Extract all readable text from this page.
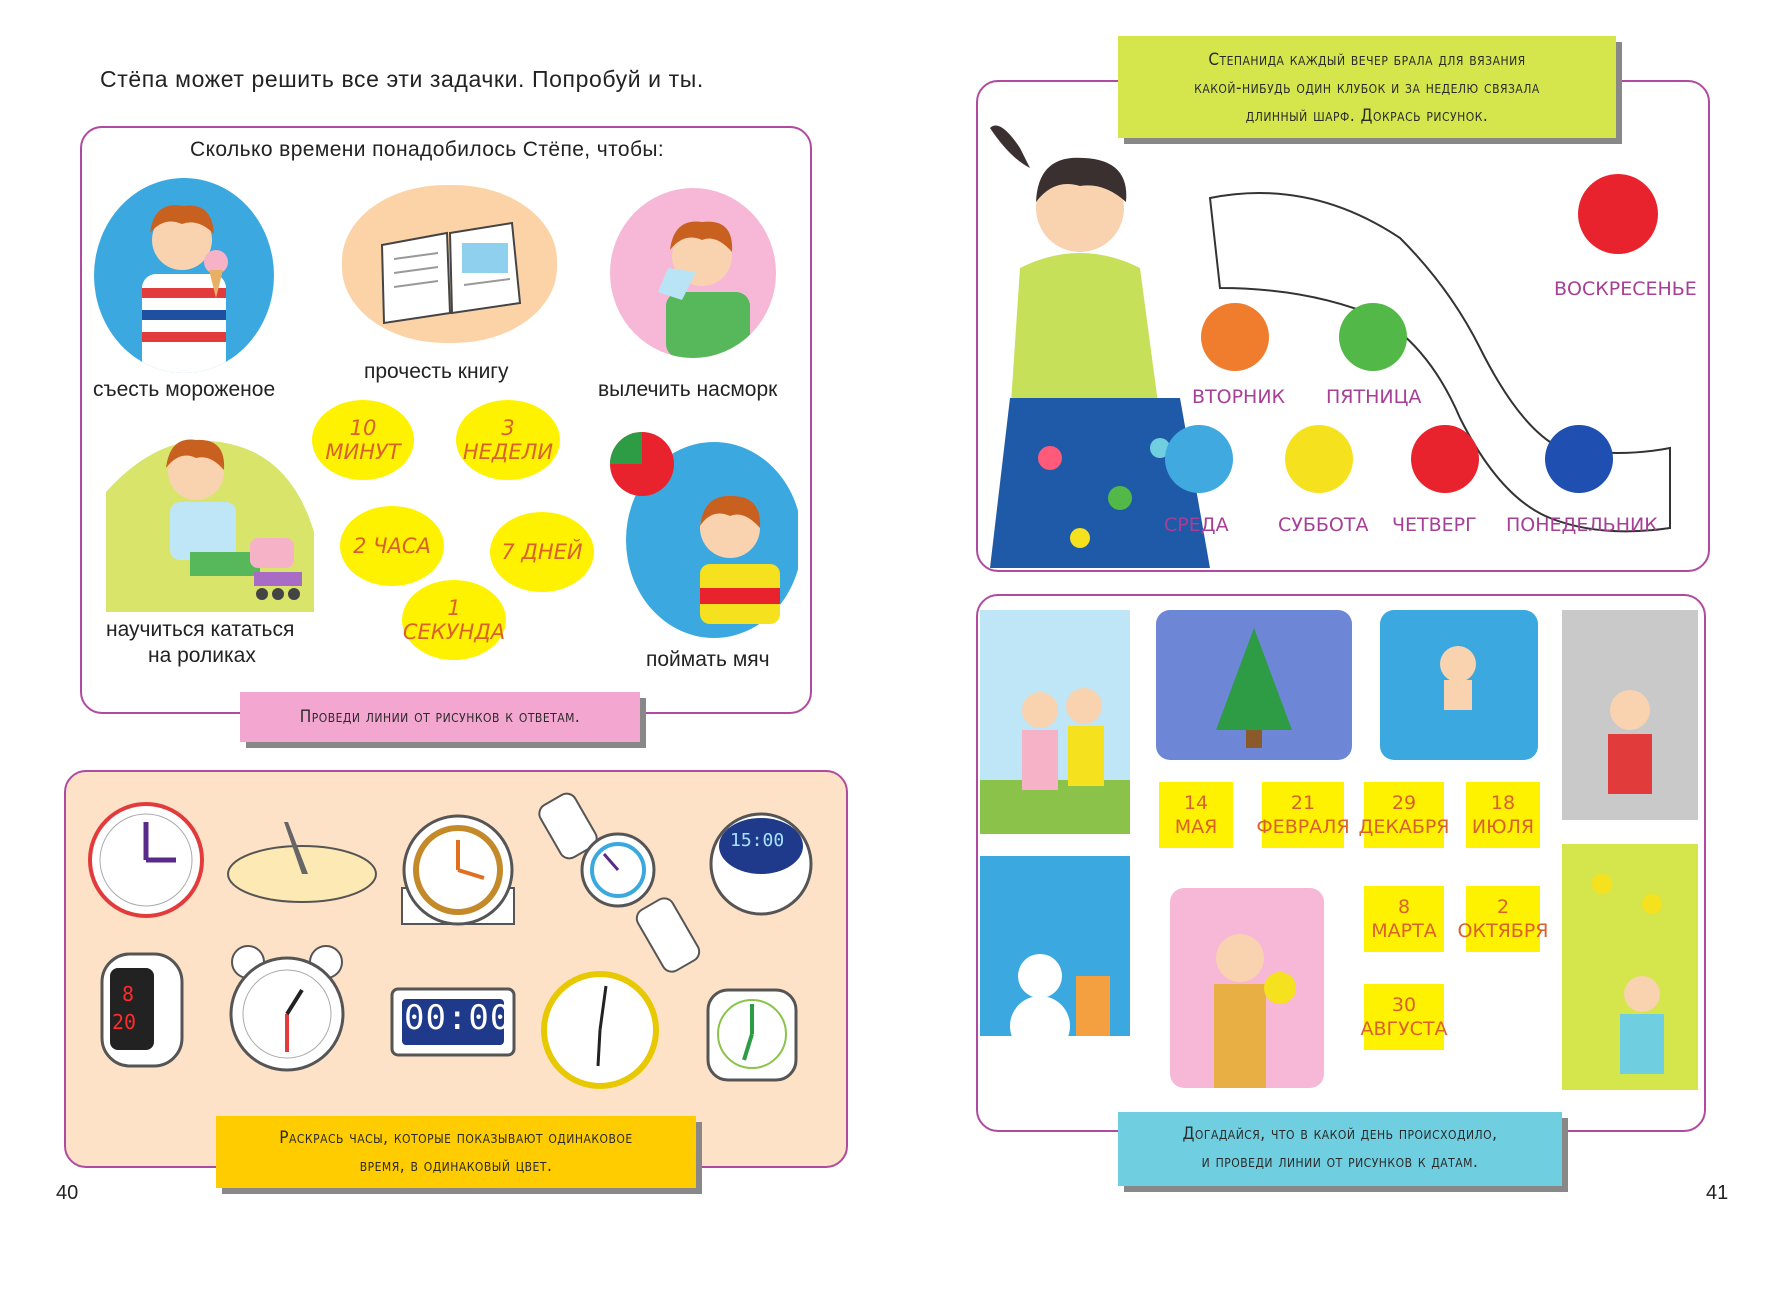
Стёпа может решить все эти задачки. Попробуй и ты.
Сколько времени понадобилось Стёпе, чтобы:
съесть мороженое
прочесть книгу
вылечить насморк
научиться кататься
на роликах	поймать мяч
10
МИНУТ
3
НЕДЕЛИ
2 ЧАСА	7 ДНЕЙ
1
СЕКУНДА
Проведи линии от рисунков к ответам.
15:00
8
20	00:00
Раскрась часы, которые показывают одинаковое
время, в одинаковый цвет.
40
Степанида каждый вечер брала для вязания
какой-нибудь один клубок и за неделю связала
длинный шарф. Докрась рисунок.
ВОСКРЕСЕНЬЕ
ВТОРНИК ПЯТНИЦА
СРЕДА	СУББОТА ЧЕТВЕРГ ПОНЕДЕЛЬНИК
14
МАЯ
21
ФЕВРАЛЯ
29
ДЕКАБРЯ
18
ИЮЛЯ
8
МАРТА
2
ОКТЯБРЯ
30
АВГУСТА
Догадайся, что в какой день происходило,
и проведи линии от рисунков к датам.
41
